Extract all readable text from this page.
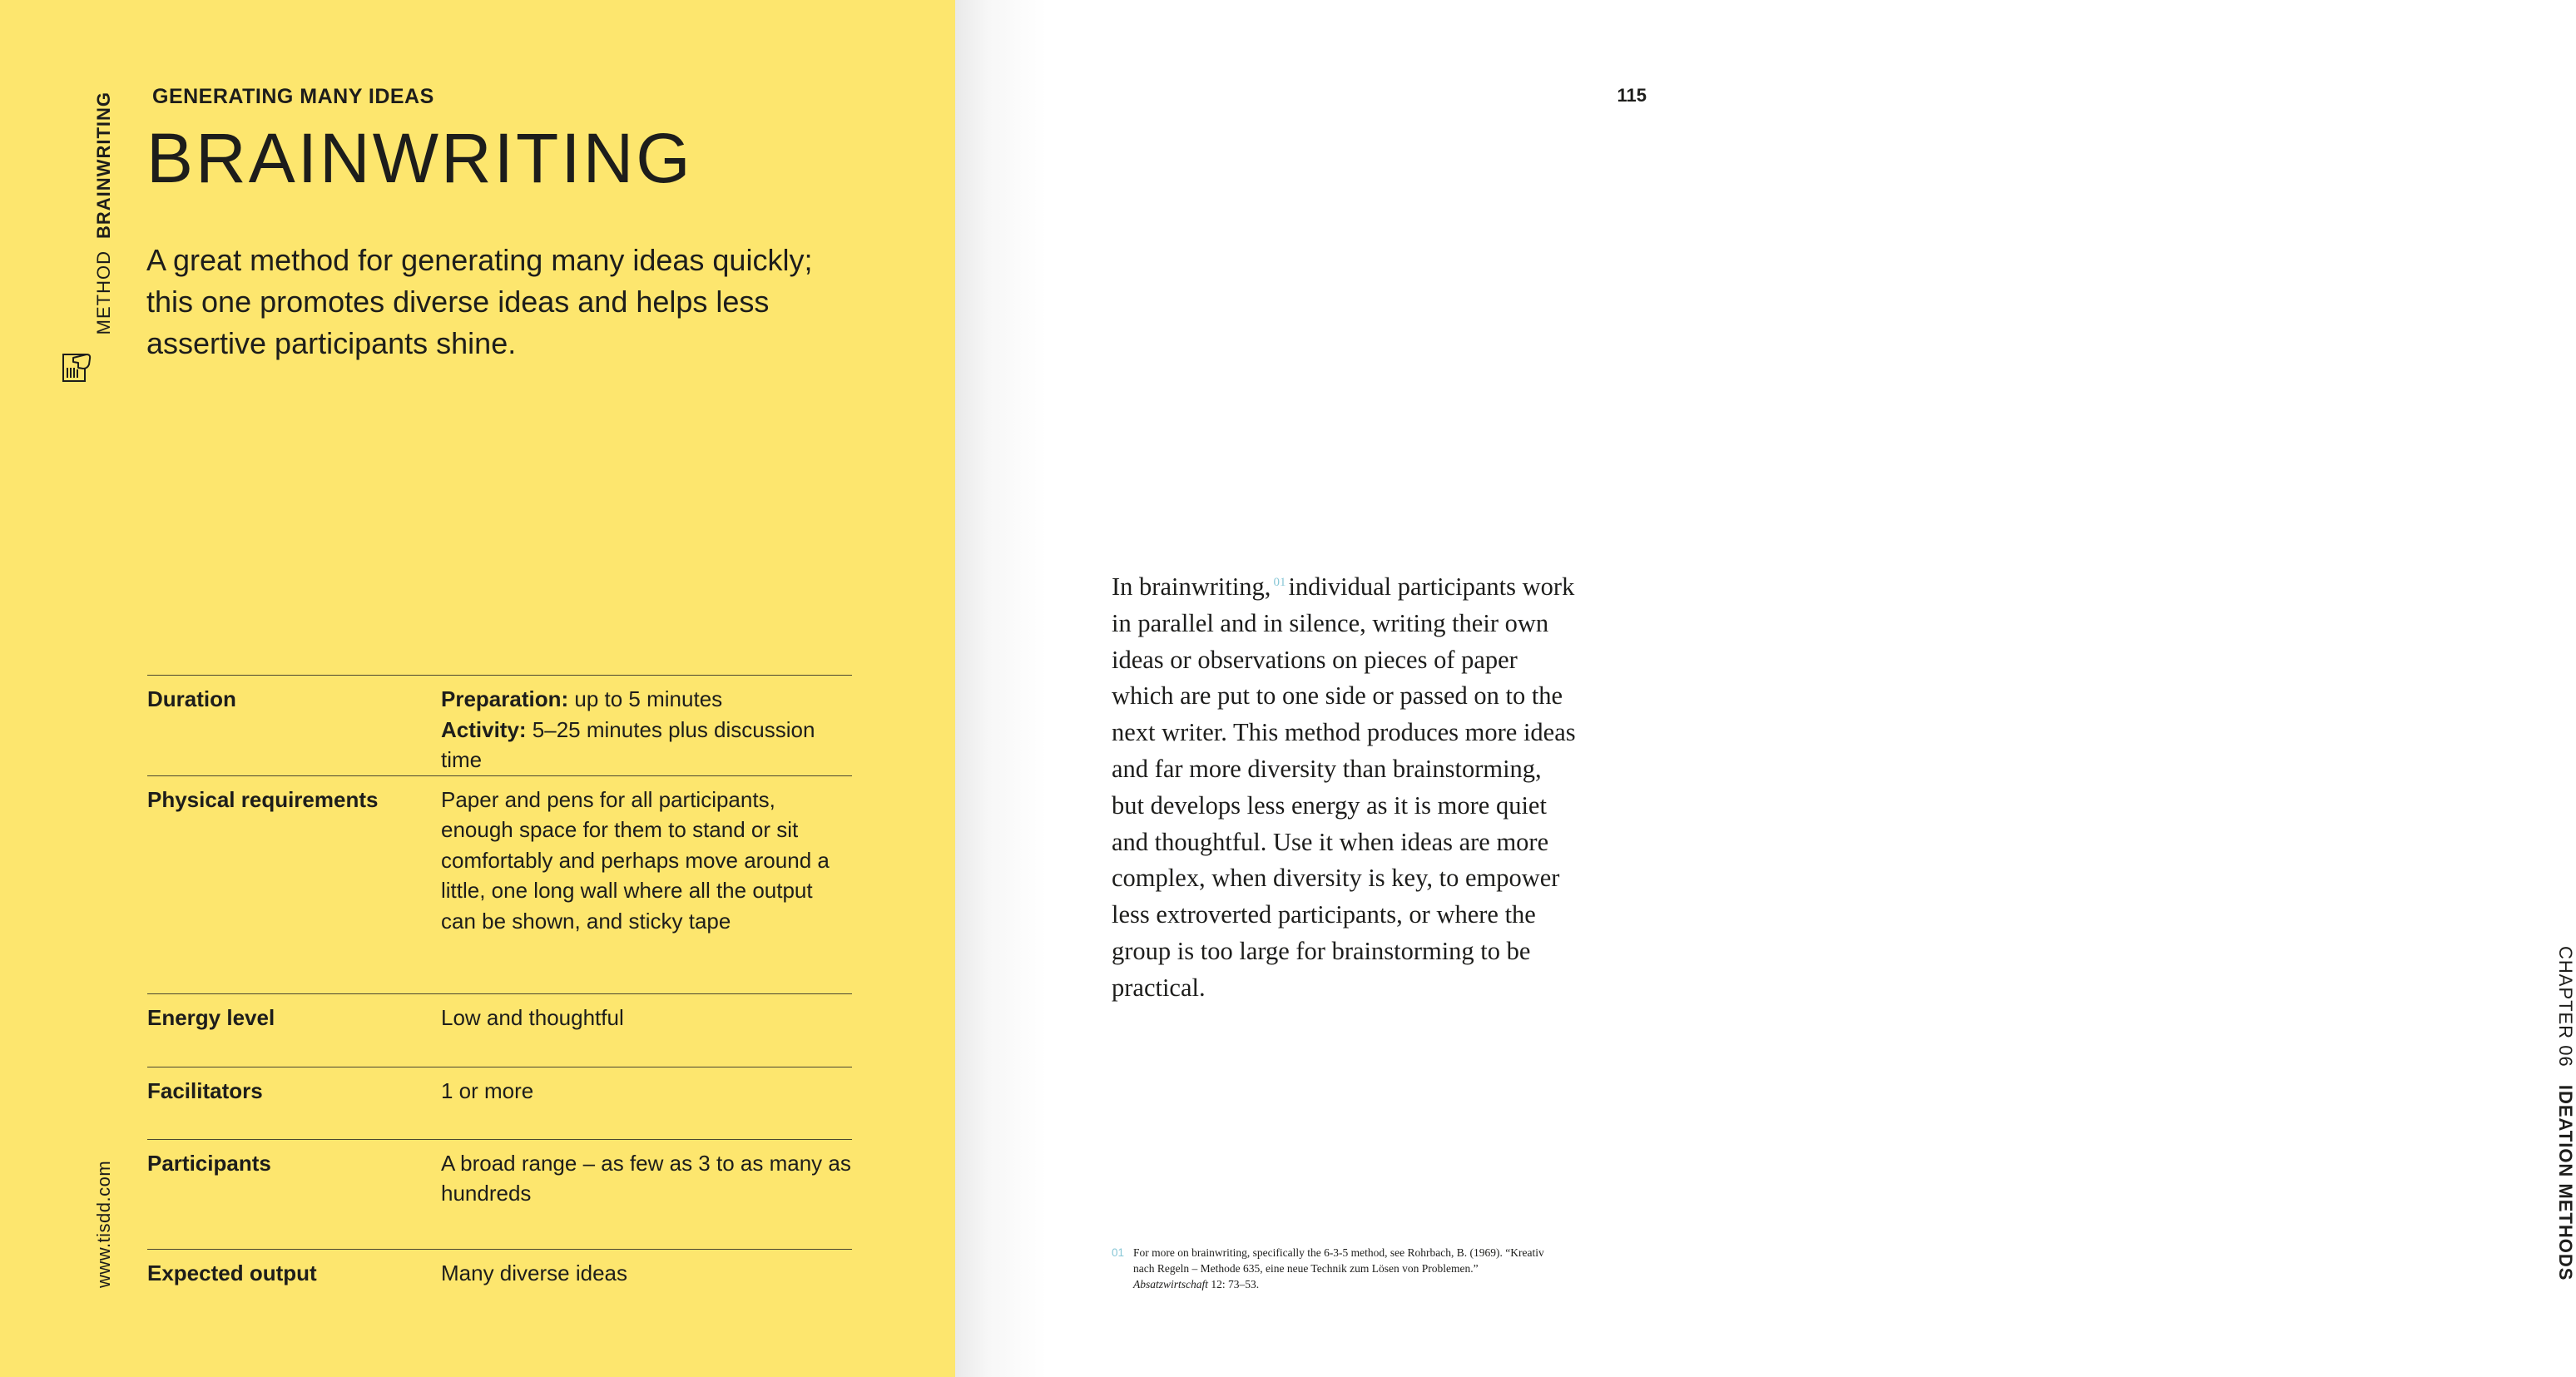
METHOD
BRAINWRITING
www.tisdd.com
GENERATING MANY IDEAS
BRAINWRITING
A great method for generating many ideas quickly; this one promotes diverse ideas and helps less assertive participants shine.
Duration	Preparation: up to 5 minutes
Activity: 5–25 minutes plus discussion time
Physical requirements	Paper and pens for all participants, enough space for them to stand or sit comfortably and perhaps move around a little, one long wall where all the output can be shown, and sticky tape
Energy level	Low and thoughtful
Facilitators	1 or more
Participants	A broad range – as few as 3 to as many as hundreds
Expected output	Many diverse ideas
115
CHAPTER 06 IDEATION METHODS
In brainwriting, $^{01}$individual participants work in parallel and in silence, writing their own ideas or observations on pieces of paper which are put to one side or passed on to the next writer. This method produces more ideas and far more diversity than brainstorming, but develops less energy as it is more quiet and thoughtful. Use it when ideas are more complex, when diversity is key, to empower less extroverted participants, or where the group is too large for brainstorming to be practical.
01 For more on brainwriting, specifically the 6-3-5 method, see Rohrbach, B. (1969). “Kreativ nach Regeln – Methode 635, eine neue Technik zum Lösen von Problemen.” Absatzwirtschaft 12: 73–53.
